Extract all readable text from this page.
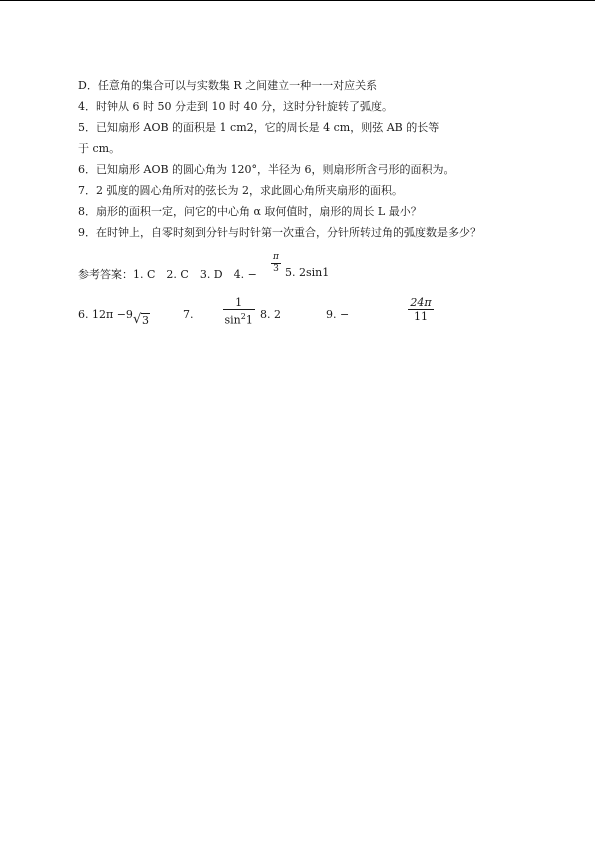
D．任意角的集合可以与实数集 R 之间建立一种一一对应关系
4．时钟从 6 时 50 分走到 10 时 40 分，这时分针旋转了弧度。
5．已知扇形 AOB 的面积是 1 cm2，它的周长是 4 cm，则弦 AB 的长等
于 cm。
6．已知扇形 AOB 的圆心角为 120°，半径为 6，则扇形所含弓形的面积为。
7．2 弧度的圆心角所对的弦长为 2，求此圆心角所夹扇形的面积。
8．扇形的面积一定，问它的中心角 α 取何值时，扇形的周长 L 最小？
9．在时钟上，自零时刻到分针与时针第一次重合，分针所转过角的弧度数是多少？
参考答案：1. C　2. C　3. D　4. − $\frac{\pi}{3} 5$. 2sin1
6. 12π −9 √ 3	7.	$\frac{1}{\sin^21}$
8. 2	9. −	$\frac{24\pi}{11}$
